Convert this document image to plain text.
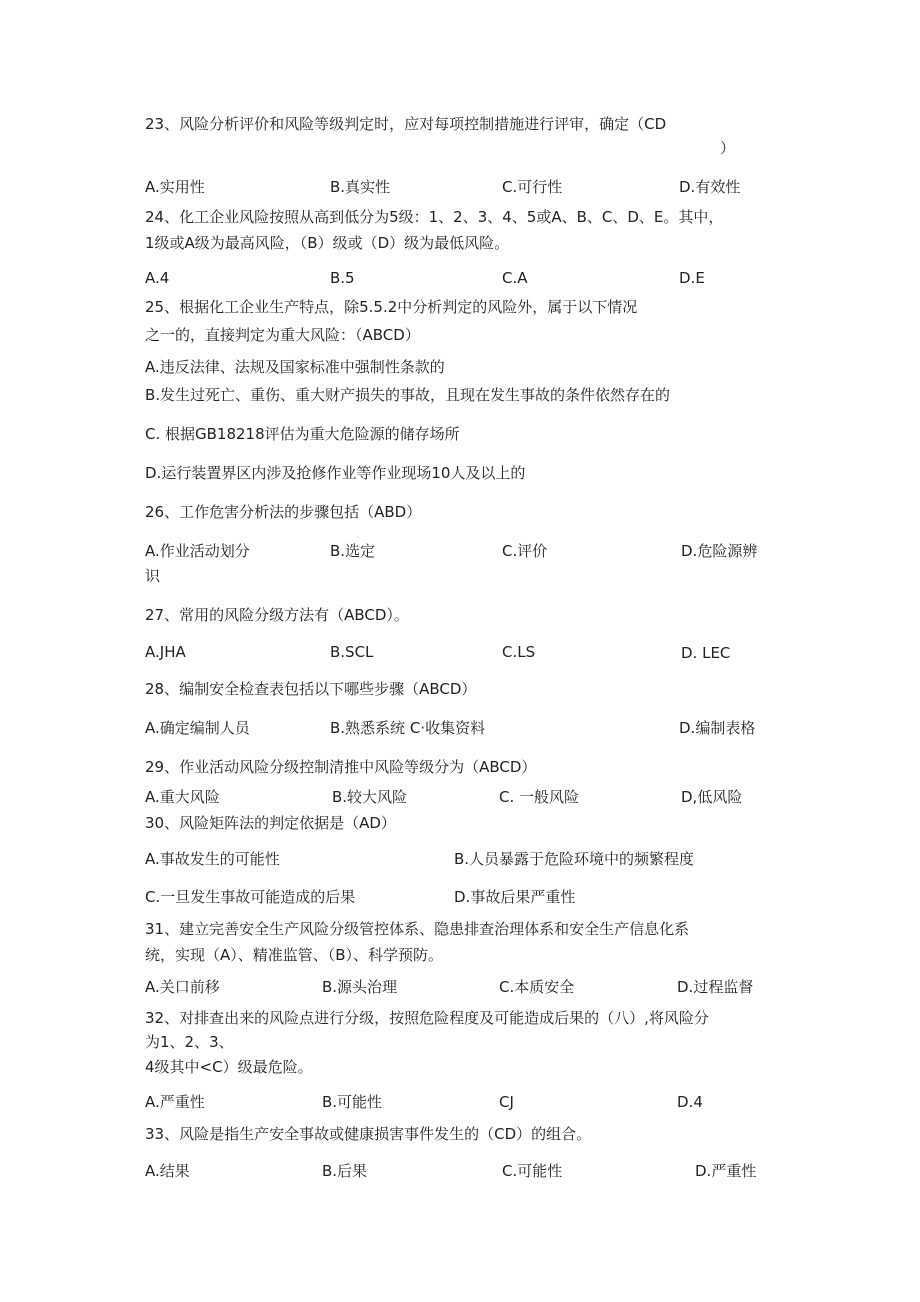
23、风险分析评价和风险等级判定时，应对每项控制措施进行评审，确定（CD
）
A.实用性	B.真实性	C.可行性	D.有效性
24、化工企业风险按照从高到低分为5级：1、2、3、4、5或A、B、C、D、E。其中，
1级或A级为最高风险，（B）级或（D）级为最低风险。
A.4	B.5	C.A	D.E
25、根据化工企业生产特点，除5.5.2中分析判定的风险外，属于以下情况
之一的，直接判定为重大风险：（ABCD）
A.违反法律、法规及国家标准中强制性条款的
B.发生过死亡、重伤、重大财产损失的事故，且现在发生事故的条件依然存在的
C. 根据GB18218评估为重大危险源的储存场所
D.运行装置界区内涉及抢修作业等作业现场10人及以上的
26、工作危害分析法的步骤包括（ABD）
A.作业活动划分	B.选定	C.评价	D.危险源辨
识
27、常用的风险分级方法有（ABCD）。
A.JHA	B.SCL	C.LS	D. LEC
28、编制安全检查表包括以下哪些步骤（ABCD）
A.确定编制人员	B.熟悉系统 C·收集资料	D.编制表格
29、作业活动风险分级控制清推中风险等级分为（ABCD）
A.重大风险	B.较大风险	C. 一般风险	D,低风险
30、风险矩阵法的判定依据是（AD）
A.事故发生的可能性	B.人员暴露于危险环境中的频繁程度
C.一旦发生事故可能造成的后果	D.事故后果严重性
31、建立完善安全生产风险分级管控体系、隐患排查治理体系和安全生产信息化系
统，实现（A）、精准监管、（B）、科学预防。
A.关口前移	B.源头治理	C.本质安全	D.过程监督
32、对排查出来的风险点进行分级，按照危险程度及可能造成后果的（八）,将风险分
为1、2、3、
4级其中<C）级最危险。
A.严重性	B.可能性	CJ	D.4
33、风险是指生产安全事故或健康损害事件发生的（CD）的组合。
A.结果	B.后果	C.可能性	D.严重性
